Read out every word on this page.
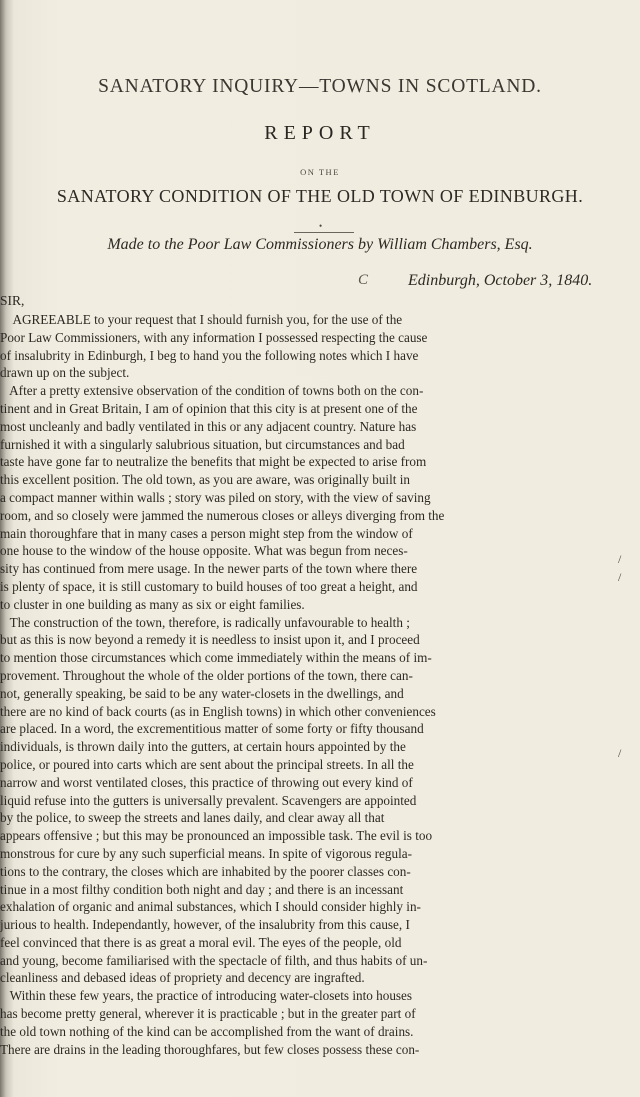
SANATORY INQUIRY—TOWNS IN SCOTLAND.
REPORT
ON THE
SANATORY CONDITION OF THE OLD TOWN OF EDINBURGH.
•
Made to the Poor Law Commissioners by William Chambers, Esq.
C Edinburgh, October 3, 1840.
SIR,
AGREEABLE to your request that I should furnish you, for the use of the
Poor Law Commissioners, with any information I possessed respecting the cause
of insalubrity in Edinburgh, I beg to hand you the following notes which I have
drawn up on the subject.
After a pretty extensive observation of the condition of towns both on the con-
tinent and in Great Britain, I am of opinion that this city is at present one of the
most uncleanly and badly ventilated in this or any adjacent country. Nature has
furnished it with a singularly salubrious situation, but circumstances and bad
taste have gone far to neutralize the benefits that might be expected to arise from
this excellent position. The old town, as you are aware, was originally built in
a compact manner within walls ; story was piled on story, with the view of saving
room, and so closely were jammed the numerous closes or alleys diverging from the
main thoroughfare that in many cases a person might step from the window of
one house to the window of the house opposite. What was begun from neces-
sity has continued from mere usage. In the newer parts of the town where there
is plenty of space, it is still customary to build houses of too great a height, and
to cluster in one building as many as six or eight families.
The construction of the town, therefore, is radically unfavourable to health ;
but as this is now beyond a remedy it is needless to insist upon it, and I proceed
to mention those circumstances which come immediately within the means of im-
provement. Throughout the whole of the older portions of the town, there can-
not, generally speaking, be said to be any water-closets in the dwellings, and
there are no kind of back courts (as in English towns) in which other conveniences
are placed. In a word, the excrementitious matter of some forty or fifty thousand
individuals, is thrown daily into the gutters, at certain hours appointed by the
police, or poured into carts which are sent about the principal streets. In all the
narrow and worst ventilated closes, this practice of throwing out every kind of
liquid refuse into the gutters is universally prevalent. Scavengers are appointed
by the police, to sweep the streets and lanes daily, and clear away all that
appears offensive ; but this may be pronounced an impossible task. The evil is too
monstrous for cure by any such superficial means. In spite of vigorous regula-
tions to the contrary, the closes which are inhabited by the poorer classes con-
tinue in a most filthy condition both night and day ; and there is an incessant
exhalation of organic and animal substances, which I should consider highly in-
jurious to health. Independantly, however, of the insalubrity from this cause, I
feel convinced that there is as great a moral evil. The eyes of the people, old
and young, become familiarised with the spectacle of filth, and thus habits of un-
cleanliness and debased ideas of propriety and decency are ingrafted.
Within these few years, the practice of introducing water-closets into houses
has become pretty general, wherever it is practicable ; but in the greater part of
the old town nothing of the kind can be accomplished from the want of drains.
There are drains in the leading thoroughfares, but few closes possess these con-
/
/
/
